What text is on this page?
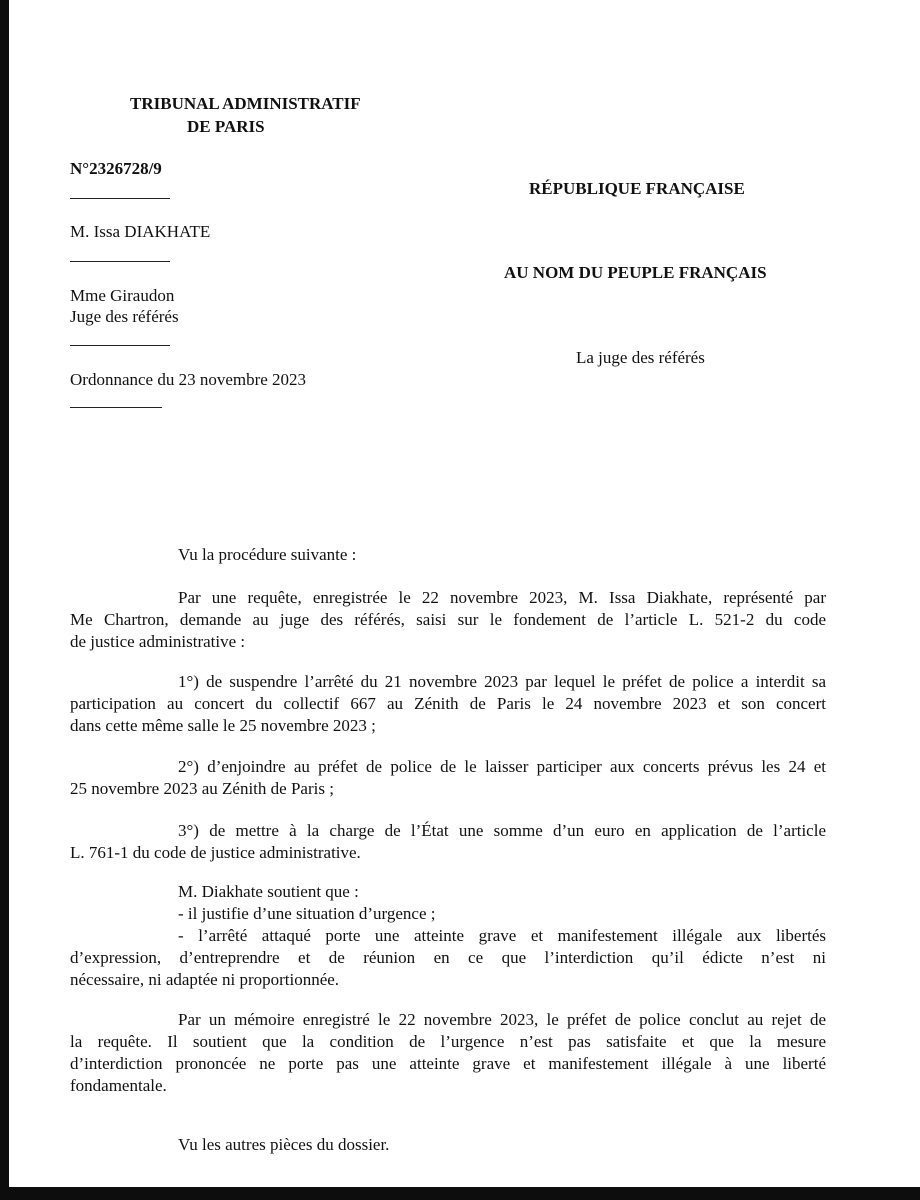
TRIBUNAL ADMINISTRATIF
DE PARIS
N°2326728/9
M. Issa DIAKHATE
Mme Giraudon
Juge des référés
Ordonnance du 23 novembre 2023
RÉPUBLIQUE FRANÇAISE
AU NOM DU PEUPLE FRANÇAIS
La juge des référés
Vu la procédure suivante :

Par une requête, enregistrée le 22 novembre 2023, M. Issa Diakhate, représenté par

Me Chartron, demande au juge des référés, saisi sur le fondement de l’article L. 521-2 du code

de justice administrative :

1°) de suspendre l’arrêté du 21 novembre 2023 par lequel le préfet de police a interdit sa

participation au concert du collectif 667 au Zénith de Paris le 24 novembre 2023 et son concert

dans cette même salle le 25 novembre 2023 ;

2°) d’enjoindre au préfet de police de le laisser participer aux concerts prévus les 24 et

25 novembre 2023 au Zénith de Paris ;

3°) de mettre à la charge de l’État une somme d’un euro en application de l’article

L. 761-1 du code de justice administrative.

M. Diakhate soutient que :

- il justifie d’une situation d’urgence ;

- l’arrêté attaqué porte une atteinte grave et manifestement illégale aux libertés

d’expression, d’entreprendre et de réunion en ce que l’interdiction qu’il édicte n’est ni

nécessaire, ni adaptée ni proportionnée.

Par un mémoire enregistré le 22 novembre 2023, le préfet de police conclut au rejet de

la requête. Il soutient que la condition de l’urgence n’est pas satisfaite et que la mesure

d’interdiction prononcée ne porte pas une atteinte grave et manifestement illégale à une liberté

fondamentale.

Vu les autres pièces du dossier.
